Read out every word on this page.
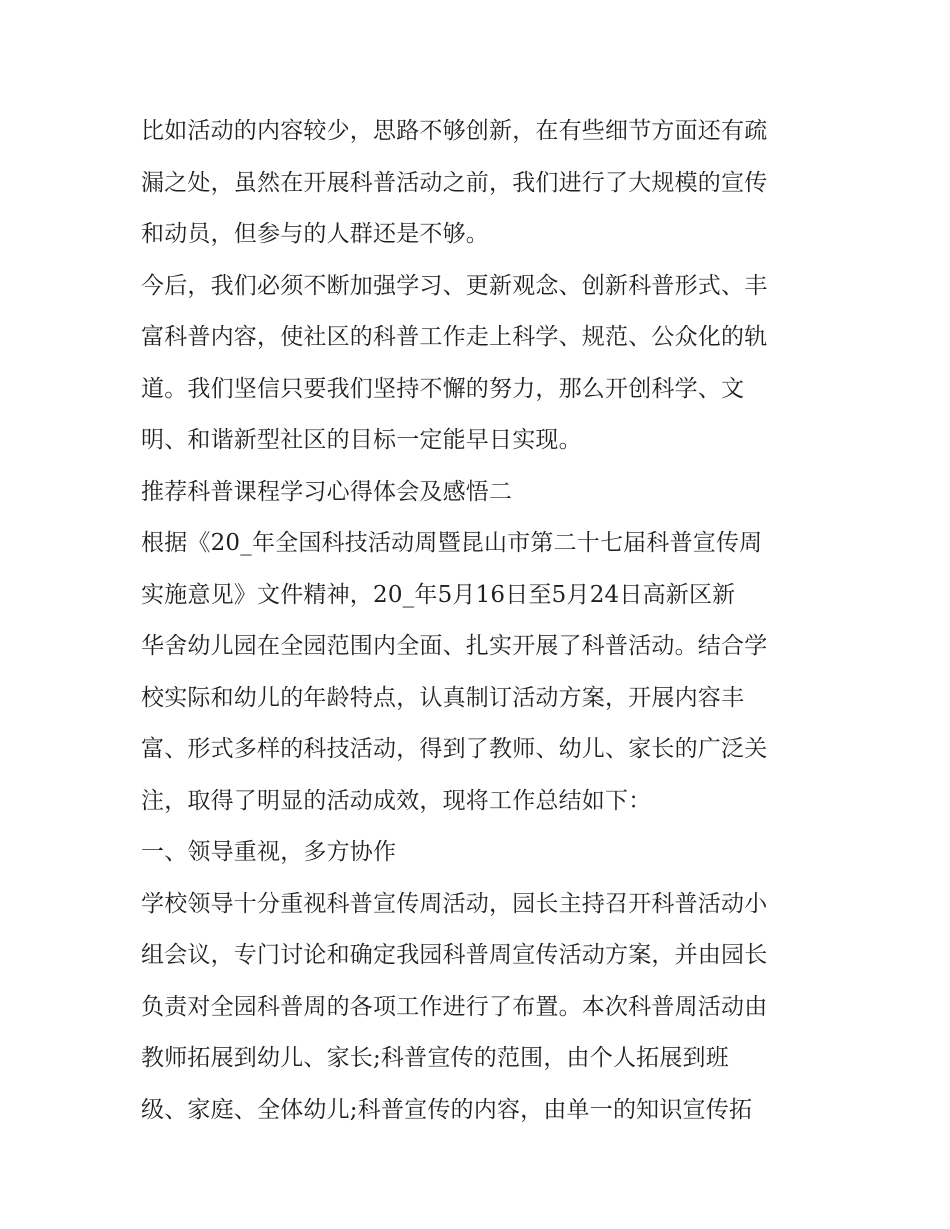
比如活动的内容较少，思路不够创新，在有些细节方面还有疏
漏之处，虽然在开展科普活动之前，我们进行了大规模的宣传
和动员，但参与的人群还是不够。
今后，我们必须不断加强学习、更新观念、创新科普形式、丰
富科普内容，使社区的科普工作走上科学、规范、公众化的轨
道。我们坚信只要我们坚持不懈的努力，那么开创科学、文
明、和谐新型社区的目标一定能早日实现。
推荐科普课程学习心得体会及感悟二
根据《20_年全国科技活动周暨昆山市第二十七届科普宣传周
实施意见》文件精神，20_年5月16日至5月24日高新区新
华舍幼儿园在全园范围内全面、扎实开展了科普活动。结合学
校实际和幼儿的年龄特点，认真制订活动方案，开展内容丰
富、形式多样的科技活动，得到了教师、幼儿、家长的广泛关
注，取得了明显的活动成效，现将工作总结如下：
一、领导重视，多方协作
学校领导十分重视科普宣传周活动，园长主持召开科普活动小
组会议，专门讨论和确定我园科普周宣传活动方案，并由园长
负责对全园科普周的各项工作进行了布置。本次科普周活动由
教师拓展到幼儿、家长;科普宣传的范围，由个人拓展到班
级、家庭、全体幼儿;科普宣传的内容，由单一的知识宣传拓
